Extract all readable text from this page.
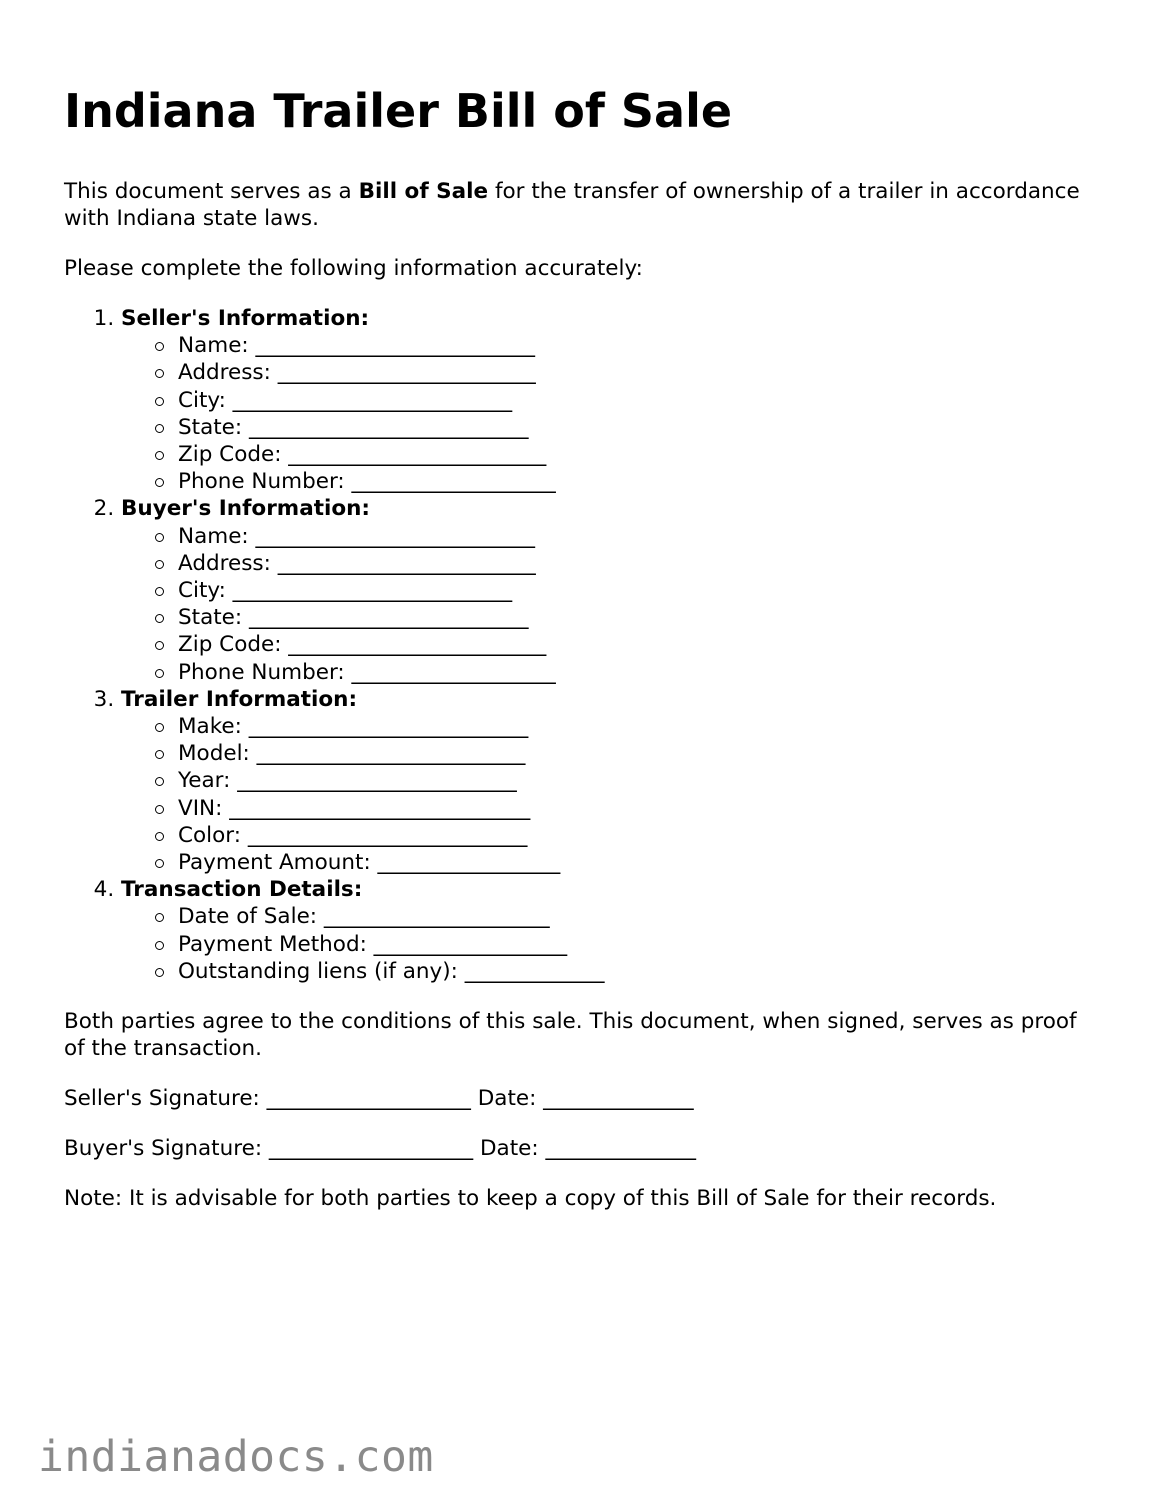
Indiana Trailer Bill of Sale

This document serves as a Bill of Sale for the transfer of ownership of a trailer in accordance with Indiana state laws.

Please complete the following information accurately:

1. Seller's Information:
Name: __________________________
Address: ________________________
City: __________________________
State: __________________________
Zip Code: ________________________
Phone Number: ___________________
2. Buyer's Information:
Name: __________________________
Address: ________________________
City: __________________________
State: __________________________
Zip Code: ________________________
Phone Number: ___________________
3. Trailer Information:
Make: __________________________
Model: _________________________
Year: __________________________
VIN: ____________________________
Color: __________________________
Payment Amount: _________________
4. Transaction Details:
Date of Sale: _____________________
Payment Method: __________________
Outstanding liens (if any): _____________

Both parties agree to the conditions of this sale. This document, when signed, serves as proof of the transaction.

Seller's Signature: ___________________ Date: ______________

Buyer's Signature: ___________________ Date: ______________

Note: It is advisable for both parties to keep a copy of this Bill of Sale for their records.

indianadocs.com
